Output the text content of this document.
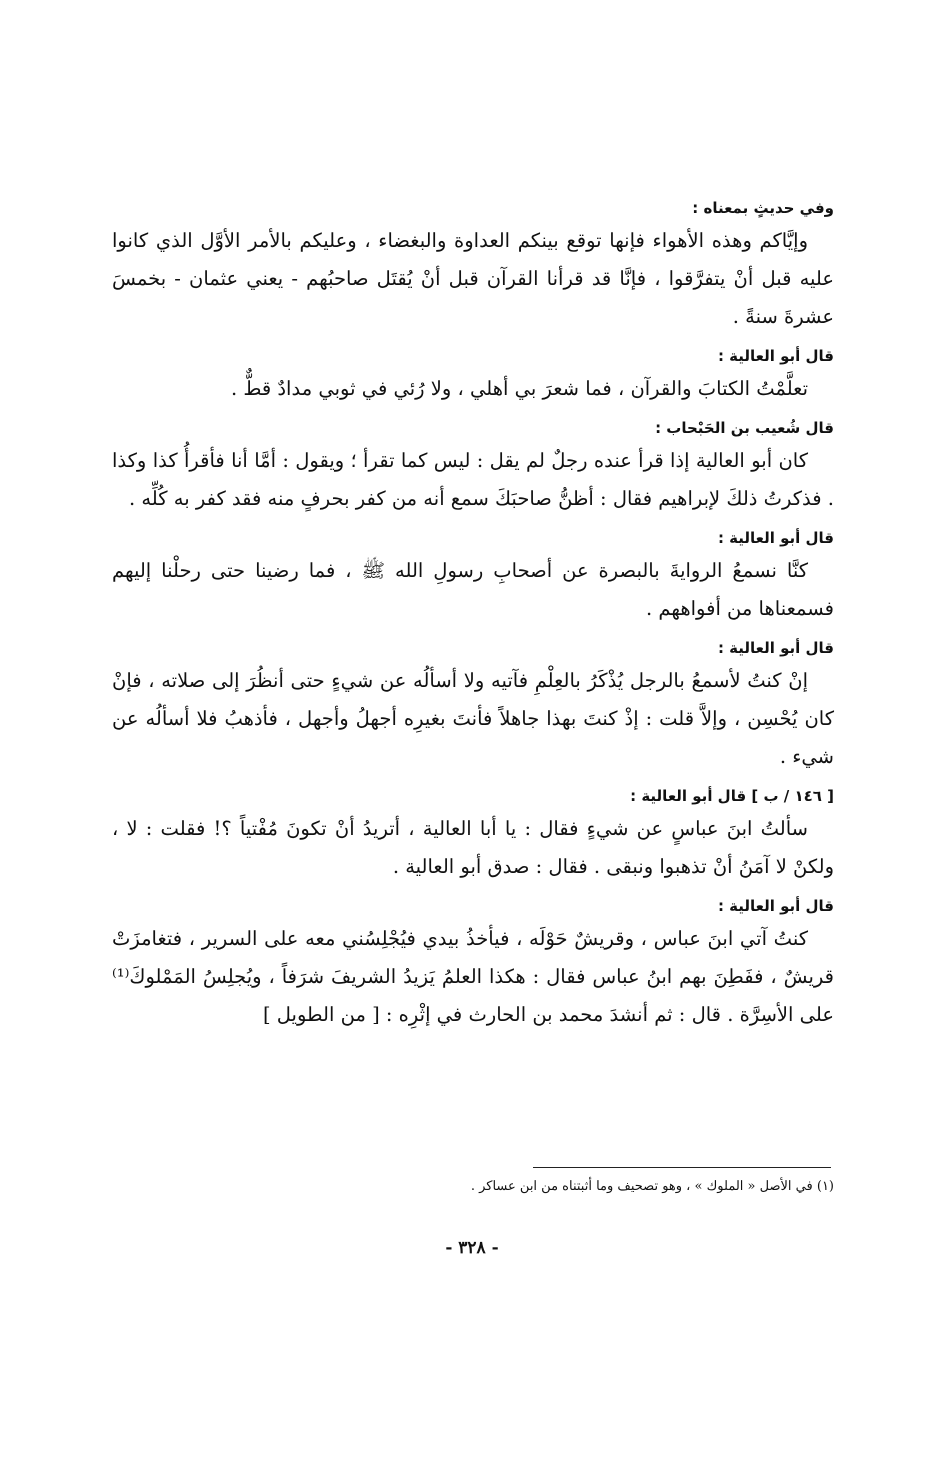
وفي حديثٍ بمعناه :

وإيَّاكم وهذه الأهواء فإنها توقع بينكم العداوة والبغضاء ، وعليكم بالأمر الأوَّل الذي كانوا عليه قبل أنْ يتفرَّقوا ، فإنَّا قد قرأنا القرآن قبل أنْ يُقتَل صاحبُهم - يعني عثمان - بخمسَ عشرةَ سنةً .

قال أبو العالية :

تعلَّمْتُ الكتابَ والقرآن ، فما شعرَ بي أهلي ، ولا رُئي في ثوبي مدادٌ قطٌّ .

قال شُعيب بن الحَبْحاب :

كان أبو العالية إذا قرأ عنده رجلٌ لم يقل : ليس كما تقرأ ؛ ويقول : أمَّا أنا فأقرأُ كذا وكذا . فذكرتُ ذلكَ لإبراهيم فقال : أظنُّ صاحبَكَ سمع أنه من كفر بحرفٍ منه فقد كفر به كُلِّه .

قال أبو العالية :

كنَّا نسمعُ الروايةَ بالبصرة عن أصحابِ رسولِ الله ﷺ ، فما رضينا حتى رحلْنا إليهم فسمعناها من أفواههم .

قال أبو العالية :

إنْ كنتُ لأسمعُ بالرجل يُذْكَرُ بالعِلْمِ فآتيه ولا أسألُه عن شيءٍ حتى أنظُرَ إلى صلاته ، فإنْ كان يُحْسِن ، وإلاَّ قلت : إذْ كنتَ بهذا جاهلاً فأنتَ بغيرِه أجهلُ وأجهل ، فأذهبُ فلا أسألُه عن شيء .

[ ١٤٦ / ب ] قال أبو العالية :

سألتُ ابنَ عباسٍ عن شيءٍ فقال : يا أبا العالية ، أتريدُ أنْ تكونَ مُفْتياً ؟! فقلت : لا ، ولكنْ لا آمَنُ أنْ تذهبوا ونبقى . فقال : صدق أبو العالية .

قال أبو العالية :

كنتُ آتي ابنَ عباس ، وقريشٌ حَوْلَه ، فيأخذُ بيدي فيُجْلِسُني معه على السرير ، فتغامزَتْ قريشٌ ، ففَطِنَ بهم ابنُ عباس فقال : هكذا العلمُ يَزيدُ الشريفَ شرَفاً ، ويُجلِسُ المَمْلوكَ⁽¹⁾ على الأسِرَّة . قال : ثم أنشدَ محمد بن الحارث في إثْرِه : [ من الطويل ]

(١) في الأصل « الملوك » ، وهو تصحيف وما أثبتناه من ابن عساكر .
- ٣٢٨ -
